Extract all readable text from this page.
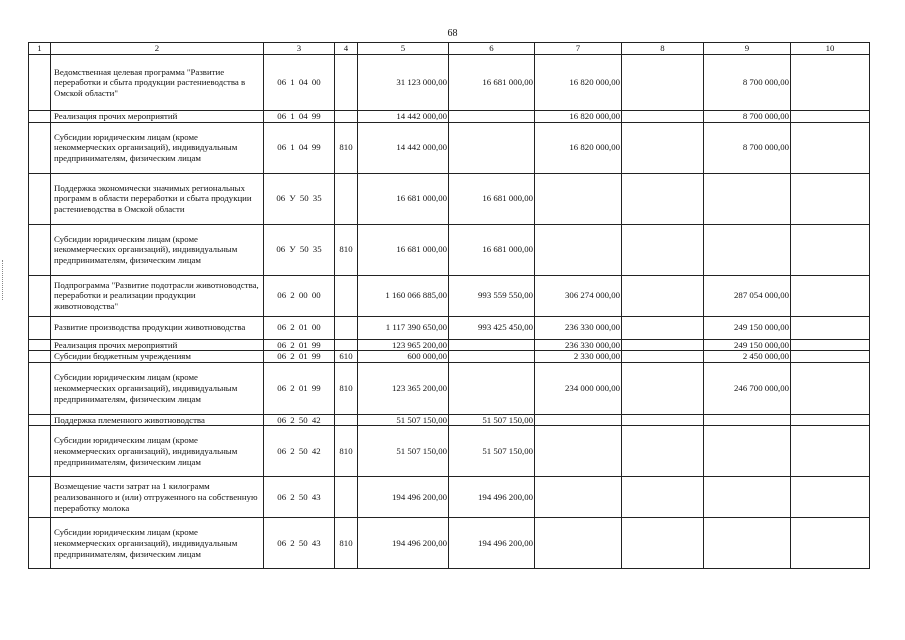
68
1	2	3	4	5	6	7	8	9	10
	Ведомственная целевая программа "Развитие переработки и сбыта продукции растениеводства в Омской области"	06 1 04 00		31 123 000,00	16 681 000,00	16 820 000,00		8 700 000,00	
	Реализация прочих мероприятий	06 1 04 99		14 442 000,00		16 820 000,00		8 700 000,00	
	Субсидии юридическим лицам (кроме некоммерческих организаций), индивидуальным предпринимателям, физическим лицам	06 1 04 99	810	14 442 000,00		16 820 000,00		8 700 000,00	
	Поддержка экономически значимых региональных программ в области переработки и сбыта продукции растениеводства в Омской области	06 У 50 35		16 681 000,00	16 681 000,00				
	Субсидии юридическим лицам (кроме некоммерческих организаций), индивидуальным предпринимателям, физическим лицам	06 У 50 35	810	16 681 000,00	16 681 000,00				
	Подпрограмма "Развитие подотрасли животноводства, переработки и реализации продукции животноводства"	06 2 00 00		1 160 066 885,00	993 559 550,00	306 274 000,00		287 054 000,00	
	Развитие производства продукции животноводства	06 2 01 00		1 117 390 650,00	993 425 450,00	236 330 000,00		249 150 000,00	
	Реализация прочих мероприятий	06 2 01 99		123 965 200,00		236 330 000,00		249 150 000,00	
	Субсидии бюджетным учреждениям	06 2 01 99	610	600 000,00		2 330 000,00		2 450 000,00	
	Субсидии юридическим лицам (кроме некоммерческих организаций), индивидуальным предпринимателям, физическим лицам	06 2 01 99	810	123 365 200,00		234 000 000,00		246 700 000,00	
	Поддержка племенного животноводства	06 2 50 42		51 507 150,00	51 507 150,00				
	Субсидии юридическим лицам (кроме некоммерческих организаций), индивидуальным предпринимателям, физическим лицам	06 2 50 42	810	51 507 150,00	51 507 150,00				
	Возмещение части затрат на 1 килограмм реализованного и (или) отгруженного на собственную переработку молока	06 2 50 43		194 496 200,00	194 496 200,00				
	Субсидии юридическим лицам (кроме некоммерческих организаций), индивидуальным предпринимателям, физическим лицам	06 2 50 43	810	194 496 200,00	194 496 200,00				
